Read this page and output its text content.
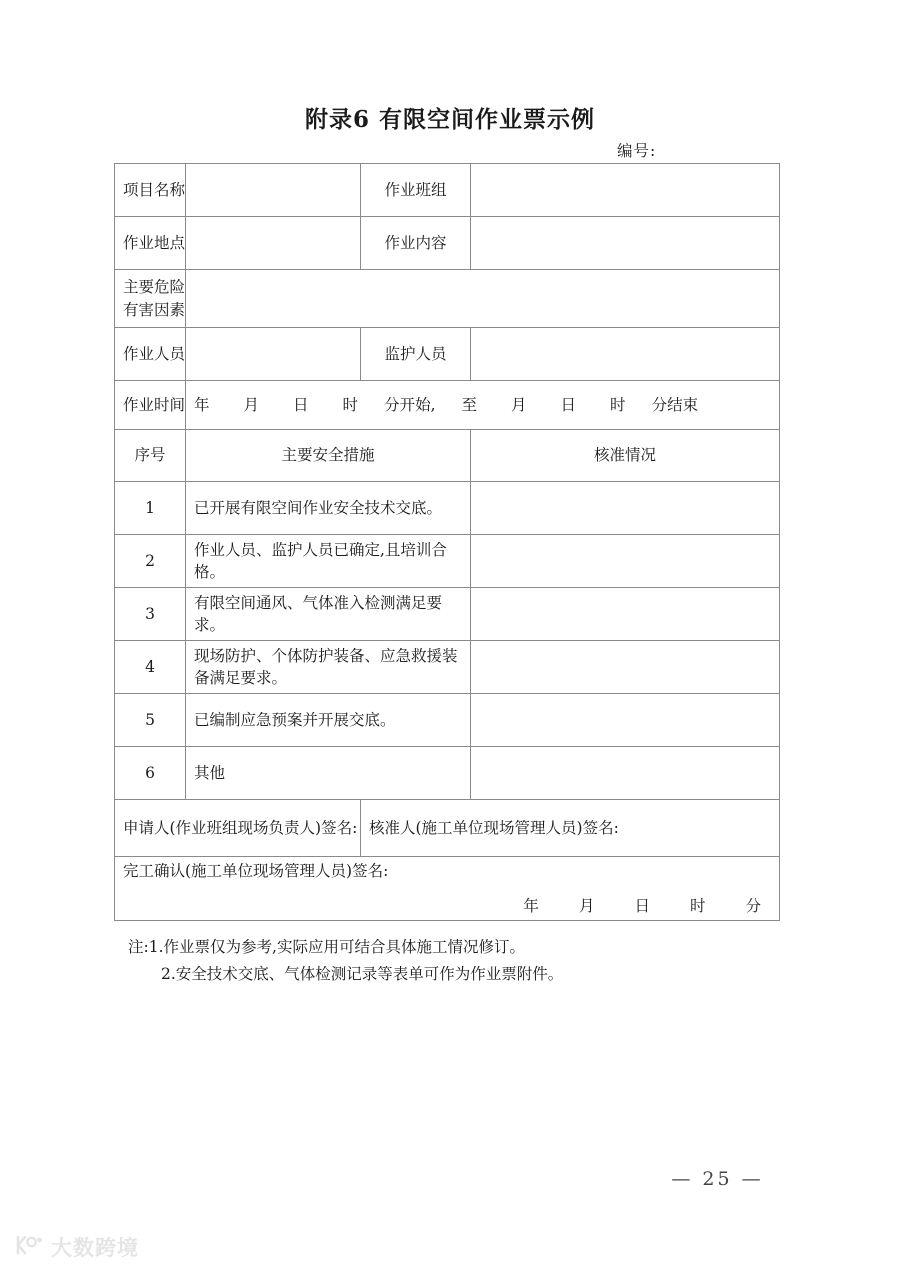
附录6 有限空间作业票示例
编号:
项目名称		作业班组	
作业地点		作业内容	

主要危险
有害因素			

作业人员		监护人员	
作业时间	年 月 日 时 分开始, 至 月 日 时 分结束		
序号	主要安全措施		核准情况
1	已开展有限空间作业安全技术交底。		
2	作业人员、监护人员已确定,且培训合格。		
3	有限空间通风、气体准入检测满足要求。		
4	现场防护、个体防护装备、应急救援装备满足要求。		
5	已编制应急预案并开展交底。		
6	其他		
申请人(作业班组现场负责人)签名:		核准人(施工单位现场管理人员)签名:	

完工确认(施工单位现场管理人员)签名:
年 月 日 时 分			
注:1.作业票仅为参考,实际应用可结合具体施工情况修订。
2.安全技术交底、气体检测记录等表单可作为作业票附件。
— 25 —
大数跨境
